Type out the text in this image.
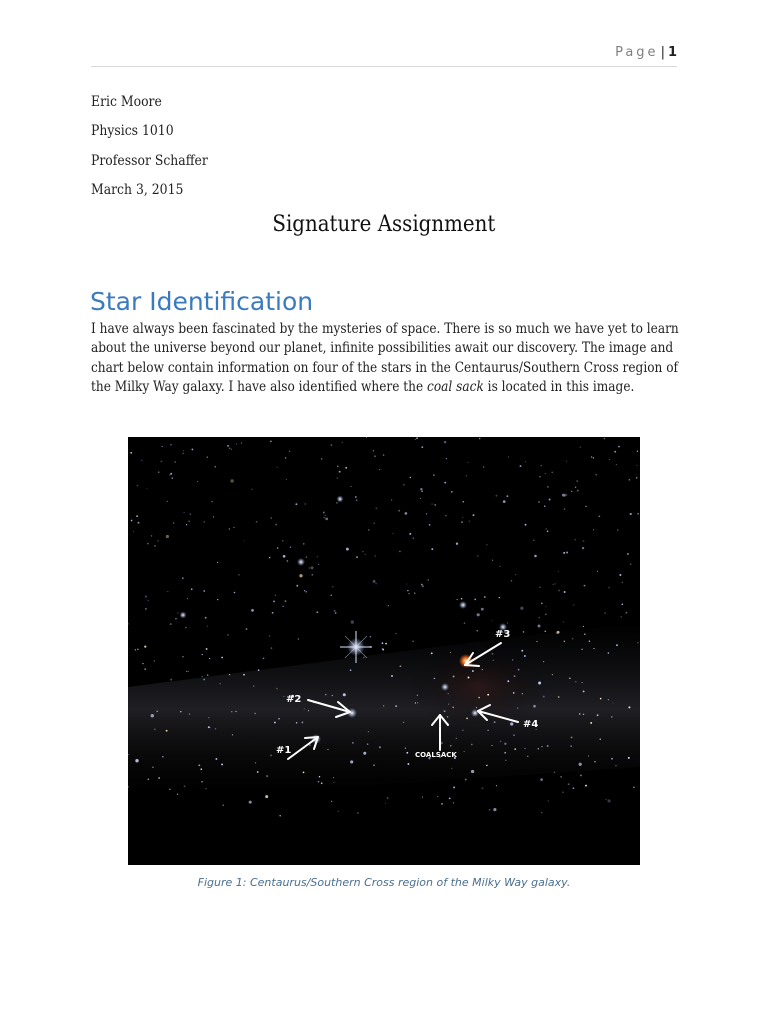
Page | 1
Eric Moore
Physics 1010
Professor Schaffer
March 3, 2015
Signature Assignment
Star Identification
I have always been fascinated by the mysteries of space. There is so much we have yet to learn
about the universe beyond our planet, infinite possibilities await our discovery. The image and
chart below contain information on four of the stars in the Centaurus/Southern Cross region of
the Milky Way galaxy. I have also identified where the coal sack is located in this image.
#3
#2
#1
#4
COALSACK
Figure 1: Centaurus/Southern Cross region of the Milky Way galaxy.
